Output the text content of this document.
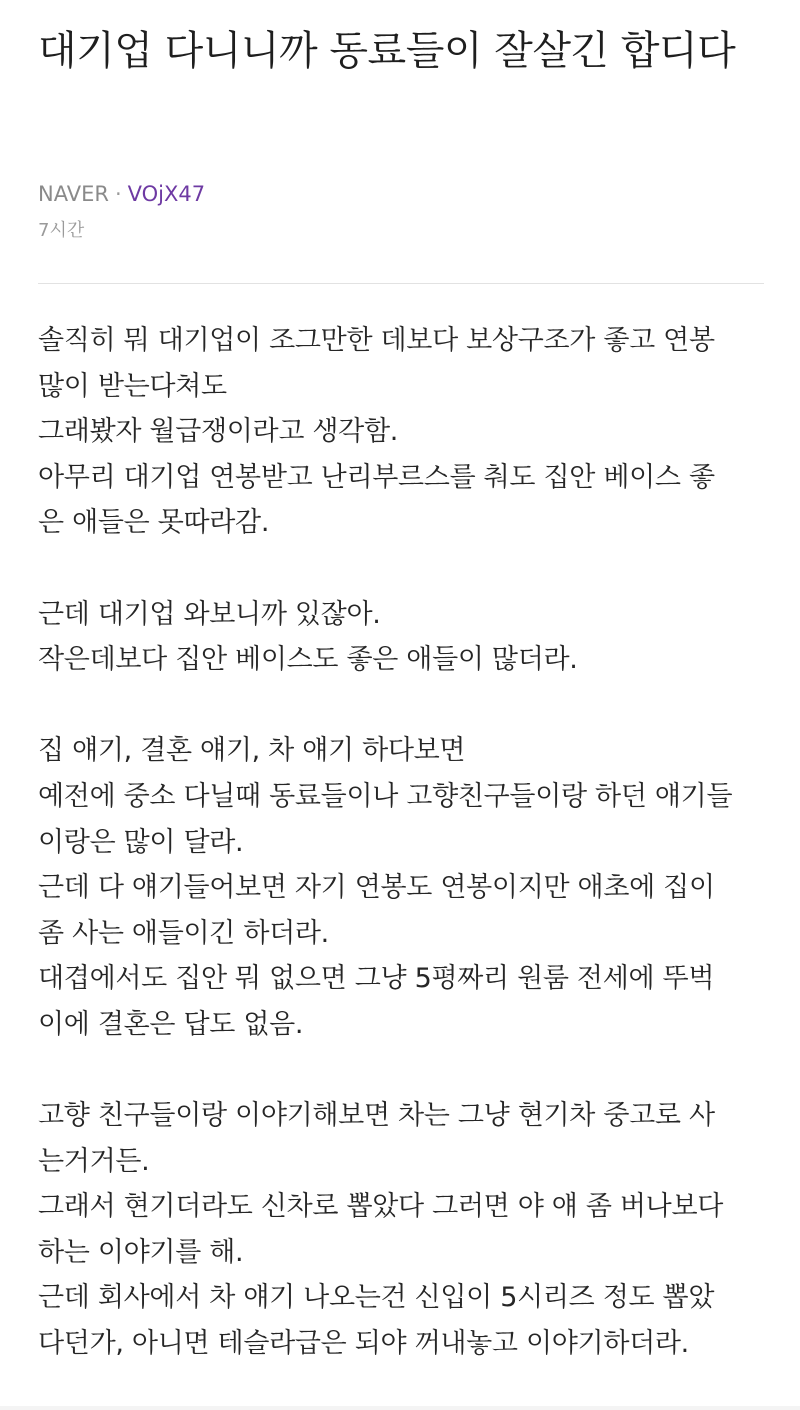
대기업 다니니까 동료들이 잘살긴 합디다
NAVER · VOjX47
7시간
솔직히 뭐 대기업이 조그만한 데보다 보상구조가 좋고 연봉
많이 받는다쳐도
그래봤자 월급쟁이라고 생각함.
아무리 대기업 연봉받고 난리부르스를 춰도 집안 베이스 좋
은 애들은 못따라감.
근데 대기업 와보니까 있잖아.
작은데보다 집안 베이스도 좋은 애들이 많더라.
집 얘기, 결혼 얘기, 차 얘기 하다보면
예전에 중소 다닐때 동료들이나 고향친구들이랑 하던 얘기들
이랑은 많이 달라.
근데 다 얘기들어보면 자기 연봉도 연봉이지만 애초에 집이
좀 사는 애들이긴 하더라.
대겹에서도 집안 뭐 없으면 그냥 5평짜리 원룸 전세에 뚜벅
이에 결혼은 답도 없음.
고향 친구들이랑 이야기해보면 차는 그냥 현기차 중고로 사
는거거든.
그래서 현기더라도 신차로 뽑았다 그러면 야 얘 좀 버나보다
하는 이야기를 해.
근데 회사에서 차 얘기 나오는건 신입이 5시리즈 정도 뽑았
다던가, 아니면 테슬라급은 되야 꺼내놓고 이야기하더라.
